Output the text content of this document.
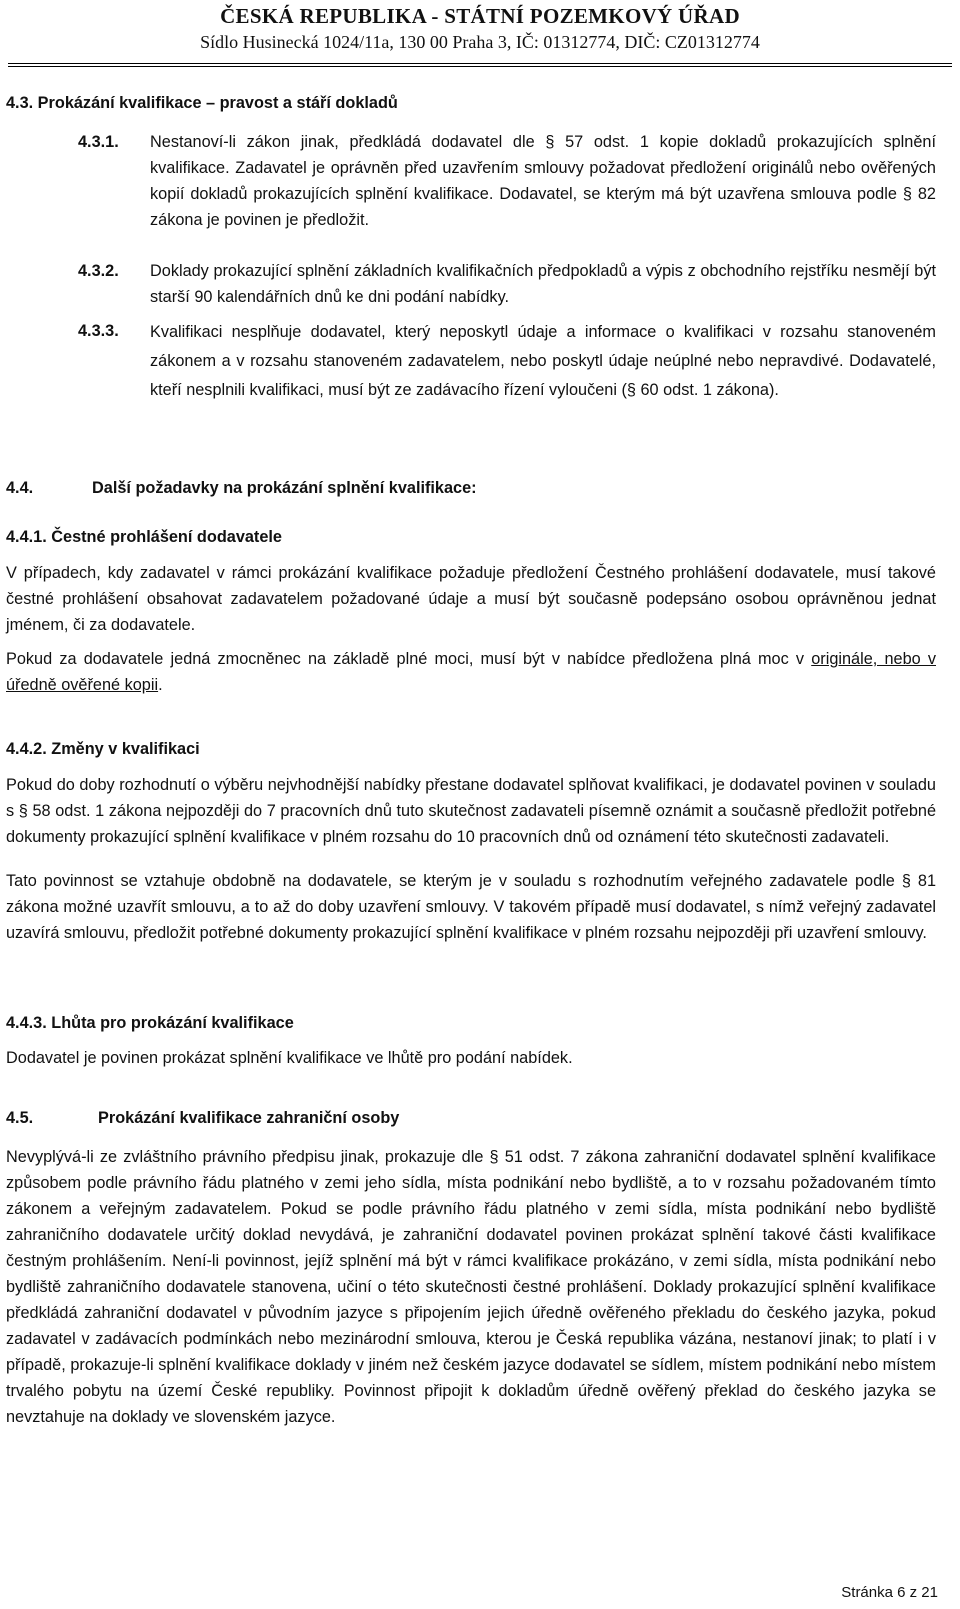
ČESKÁ REPUBLIKA - STÁTNÍ POZEMKOVÝ ÚŘAD
Sídlo Husinecká 1024/11a, 130 00 Praha 3, IČ: 01312774, DIČ: CZ01312774
4.3. Prokázání kvalifikace – pravost a stáří dokladů
4.3.1. Nestanoví-li zákon jinak, předkládá dodavatel dle § 57 odst. 1 kopie dokladů prokazujících splnění kvalifikace. Zadavatel je oprávněn před uzavřením smlouvy požadovat předložení originálů nebo ověřených kopií dokladů prokazujících splnění kvalifikace. Dodavatel, se kterým má být uzavřena smlouva podle § 82 zákona je povinen je předložit.
4.3.2. Doklady prokazující splnění základních kvalifikačních předpokladů a výpis z obchodního rejstříku nesmějí být starší 90 kalendářních dnů ke dni podání nabídky.
4.3.3. Kvalifikaci nesplňuje dodavatel, který neposkytl údaje a informace o kvalifikaci v rozsahu stanoveném zákonem a v rozsahu stanoveném zadavatelem, nebo poskytl údaje neúplné nebo nepravdivé. Dodavatelé, kteří nesplnili kvalifikaci, musí být ze zadávacího řízení vyloučeni (§ 60 odst. 1 zákona).
4.4.	Další požadavky na prokázání splnění kvalifikace:
4.4.1. Čestné prohlášení dodavatele
V případech, kdy zadavatel v rámci prokázání kvalifikace požaduje předložení Čestného prohlášení dodavatele, musí takové čestné prohlášení obsahovat zadavatelem požadované údaje a musí být současně podepsáno osobou oprávněnou jednat jménem, či za dodavatele.
Pokud za dodavatele jedná zmocněnec na základě plné moci, musí být v nabídce předložena plná moc v originále, nebo v úředně ověřené kopii.
4.4.2. Změny v kvalifikaci
Pokud do doby rozhodnutí o výběru nejvhodnější nabídky přestane dodavatel splňovat kvalifikaci, je dodavatel povinen v souladu s § 58 odst. 1 zákona nejpozději do 7 pracovních dnů tuto skutečnost zadavateli písemně oznámit a současně předložit potřebné dokumenty prokazující splnění kvalifikace v plném rozsahu do 10 pracovních dnů od oznámení této skutečnosti zadavateli.
Tato povinnost se vztahuje obdobně na dodavatele, se kterým je v souladu s rozhodnutím veřejného zadavatele podle § 81 zákona možné uzavřít smlouvu, a to až do doby uzavření smlouvy. V takovém případě musí dodavatel, s nímž veřejný zadavatel uzavírá smlouvu, předložit potřebné dokumenty prokazující splnění kvalifikace v plném rozsahu nejpozději při uzavření smlouvy.
4.4.3. Lhůta pro prokázání kvalifikace
Dodavatel je povinen prokázat splnění kvalifikace ve lhůtě pro podání nabídek.
4.5.	Prokázání kvalifikace zahraniční osoby
Nevyplývá-li ze zvláštního právního předpisu jinak, prokazuje dle § 51 odst. 7 zákona zahraniční dodavatel splnění kvalifikace způsobem podle právního řádu platného v zemi jeho sídla, místa podnikání nebo bydliště, a to v rozsahu požadovaném tímto zákonem a veřejným zadavatelem. Pokud se podle právního řádu platného v zemi sídla, místa podnikání nebo bydliště zahraničního dodavatele určitý doklad nevydává, je zahraniční dodavatel povinen prokázat splnění takové části kvalifikace čestným prohlášením. Není-li povinnost, jejíž splnění má být v rámci kvalifikace prokázáno, v zemi sídla, místa podnikání nebo bydliště zahraničního dodavatele stanovena, učiní o této skutečnosti čestné prohlášení. Doklady prokazující splnění kvalifikace předkládá zahraniční dodavatel v původním jazyce s připojením jejich úředně ověřeného překladu do českého jazyka, pokud zadavatel v zadávacích podmínkách nebo mezinárodní smlouva, kterou je Česká republika vázána, nestanoví jinak; to platí i v případě, prokazuje-li splnění kvalifikace doklady v jiném než českém jazyce dodavatel se sídlem, místem podnikání nebo místem trvalého pobytu na území České republiky. Povinnost připojit k dokladům úředně ověřený překlad do českého jazyka se nevztahuje na doklady ve slovenském jazyce.
Stránka 6 z 21
